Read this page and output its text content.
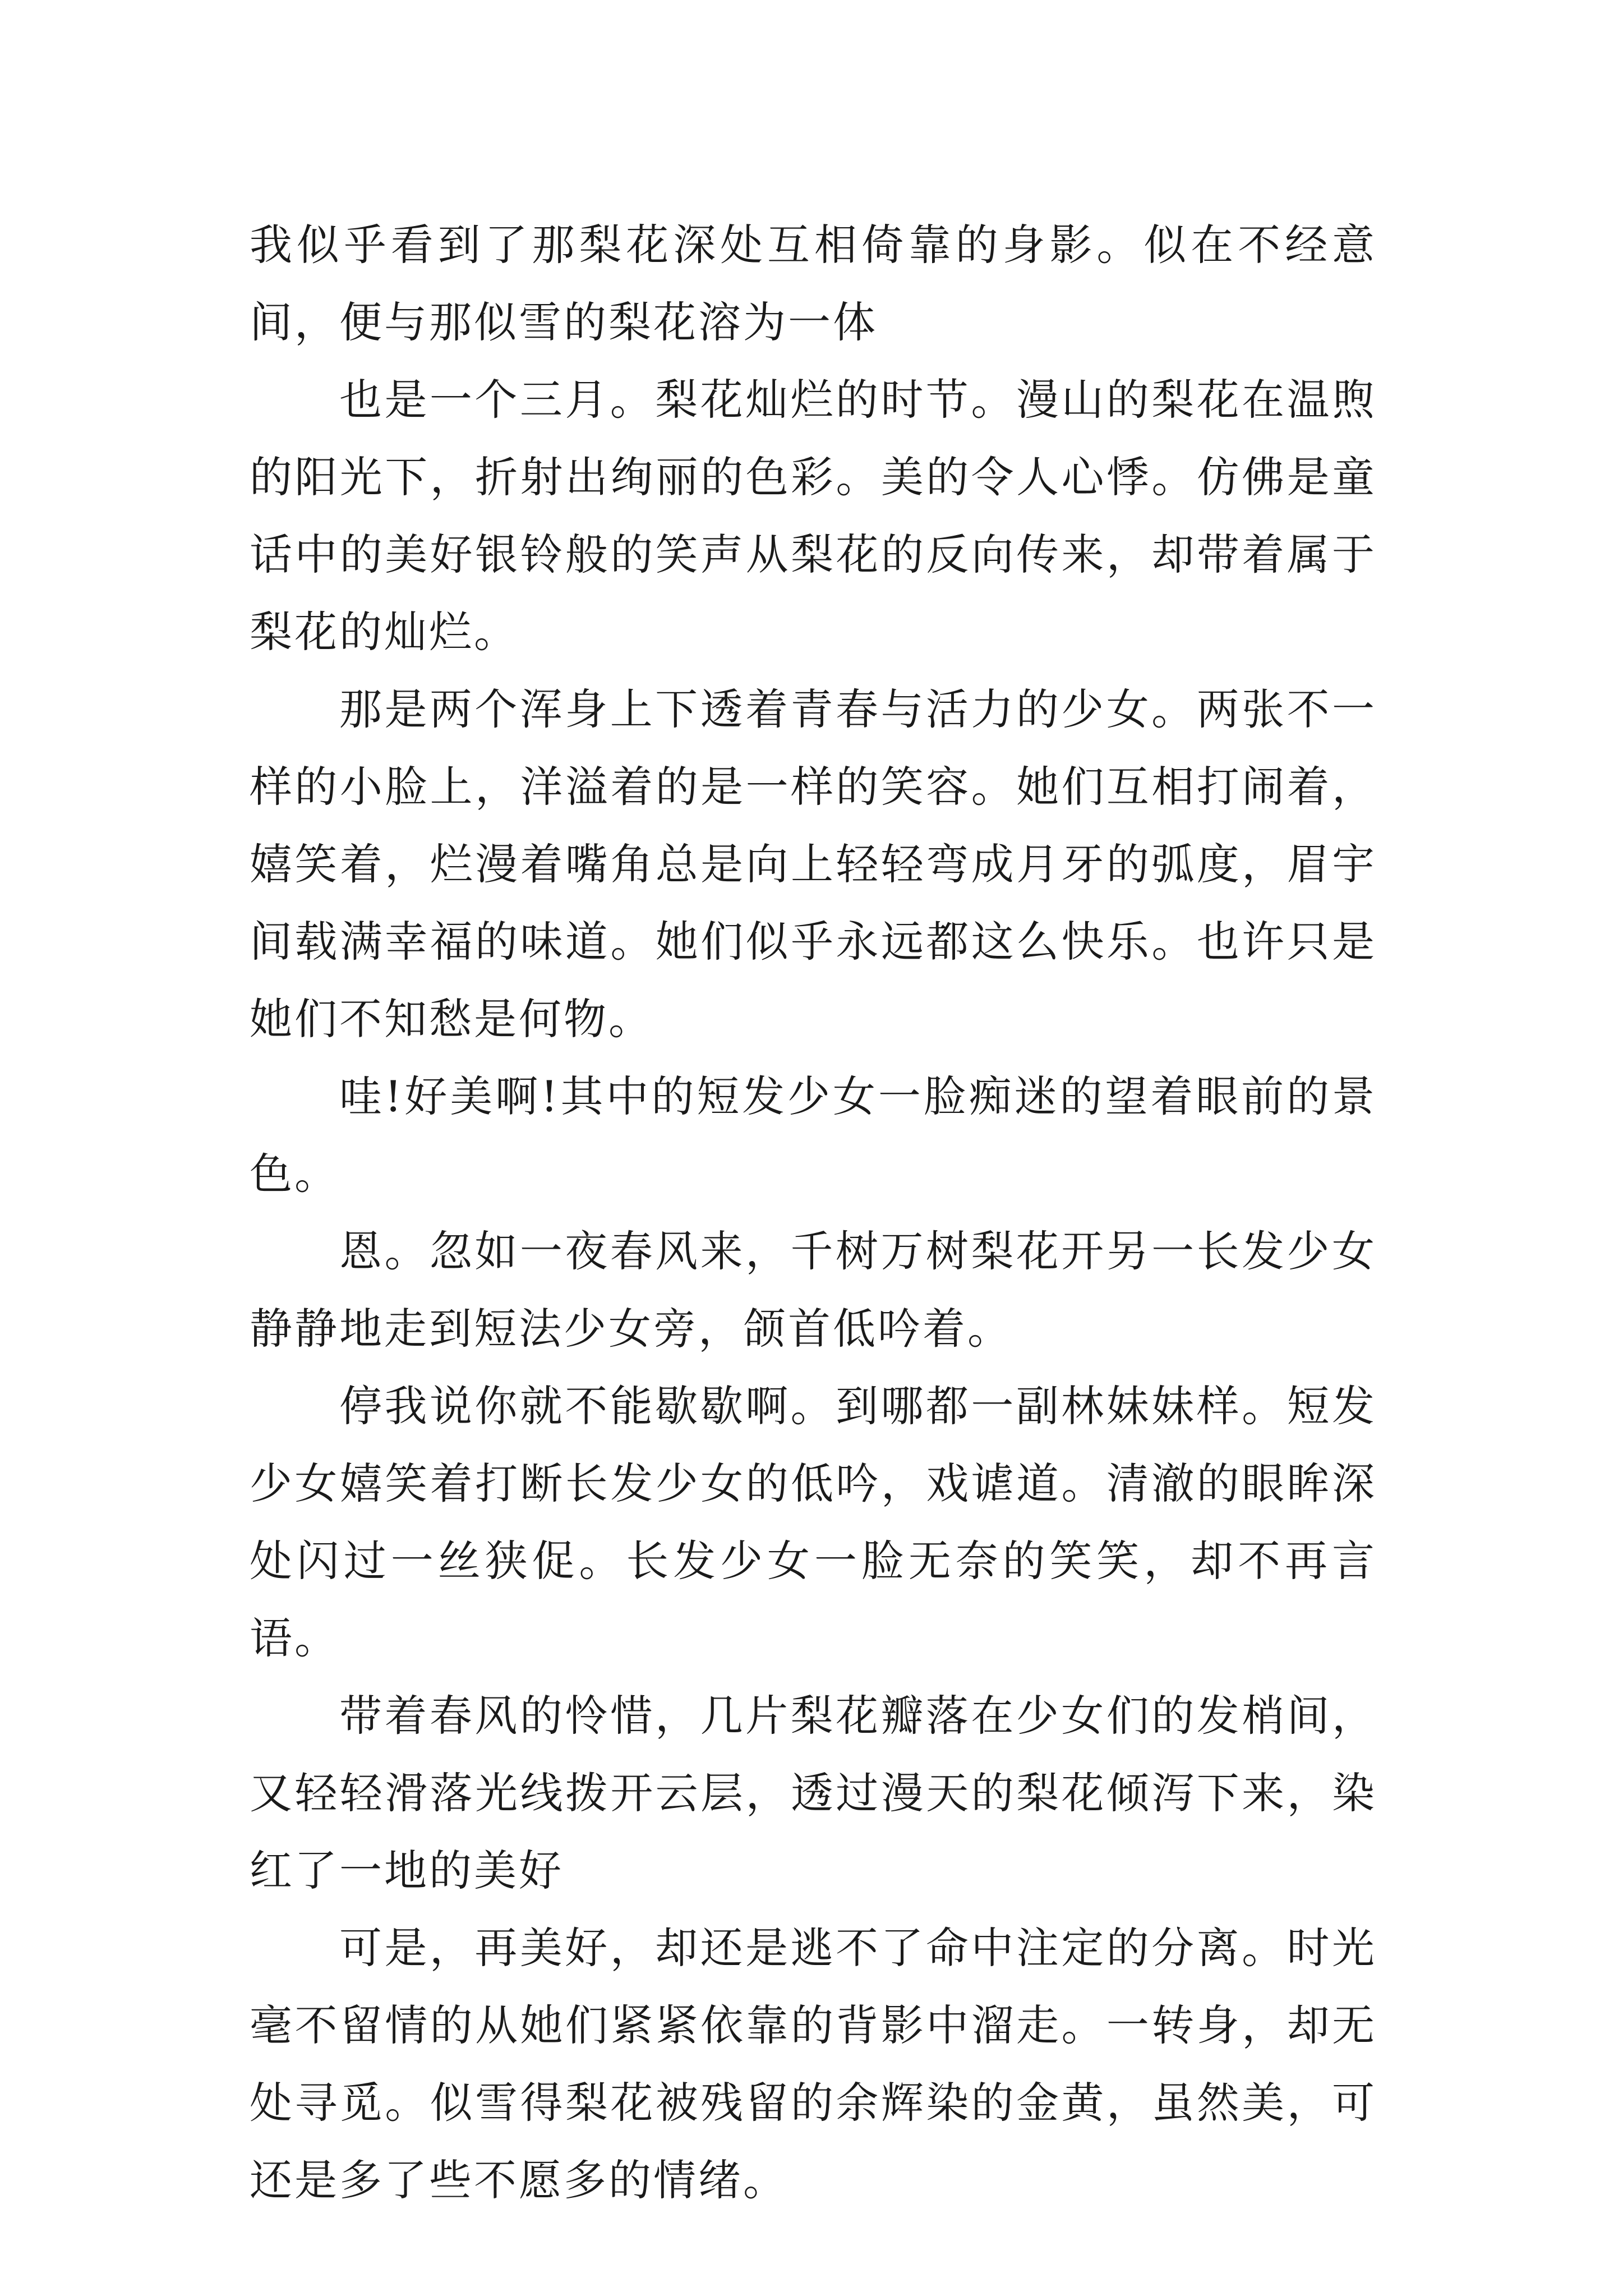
我似乎看到了那梨花深处互相倚靠的身影。似在不经意间，便与那似雪的梨花溶为一体

也是一个三月。梨花灿烂的时节。漫山的梨花在温煦的阳光下，折射出绚丽的色彩。美的令人心悸。仿佛是童话中的美好银铃般的笑声从梨花的反向传来，却带着属于梨花的灿烂。

那是两个浑身上下透着青春与活力的少女。两张不一样的小脸上，洋溢着的是一样的笑容。她们互相打闹着，嬉笑着，烂漫着嘴角总是向上轻轻弯成月牙的弧度，眉宇间载满幸福的味道。她们似乎永远都这么快乐。也许只是她们不知愁是何物。

哇!好美啊!其中的短发少女一脸痴迷的望着眼前的景色。

恩。忽如一夜春风来，千树万树梨花开另一长发少女静静地走到短法少女旁，颌首低吟着。

停我说你就不能歇歇啊。到哪都一副林妹妹样。短发少女嬉笑着打断长发少女的低吟，戏谑道。清澈的眼眸深处闪过一丝狭促。长发少女一脸无奈的笑笑，却不再言语。

带着春风的怜惜，几片梨花瓣落在少女们的发梢间，又轻轻滑落光线拨开云层，透过漫天的梨花倾泻下来，染红了一地的美好

可是，再美好，却还是逃不了命中注定的分离。时光毫不留情的从她们紧紧依靠的背影中溜走。一转身，却无处寻觅。似雪得梨花被残留的余辉染的金黄，虽然美，可还是多了些不愿多的情绪。
